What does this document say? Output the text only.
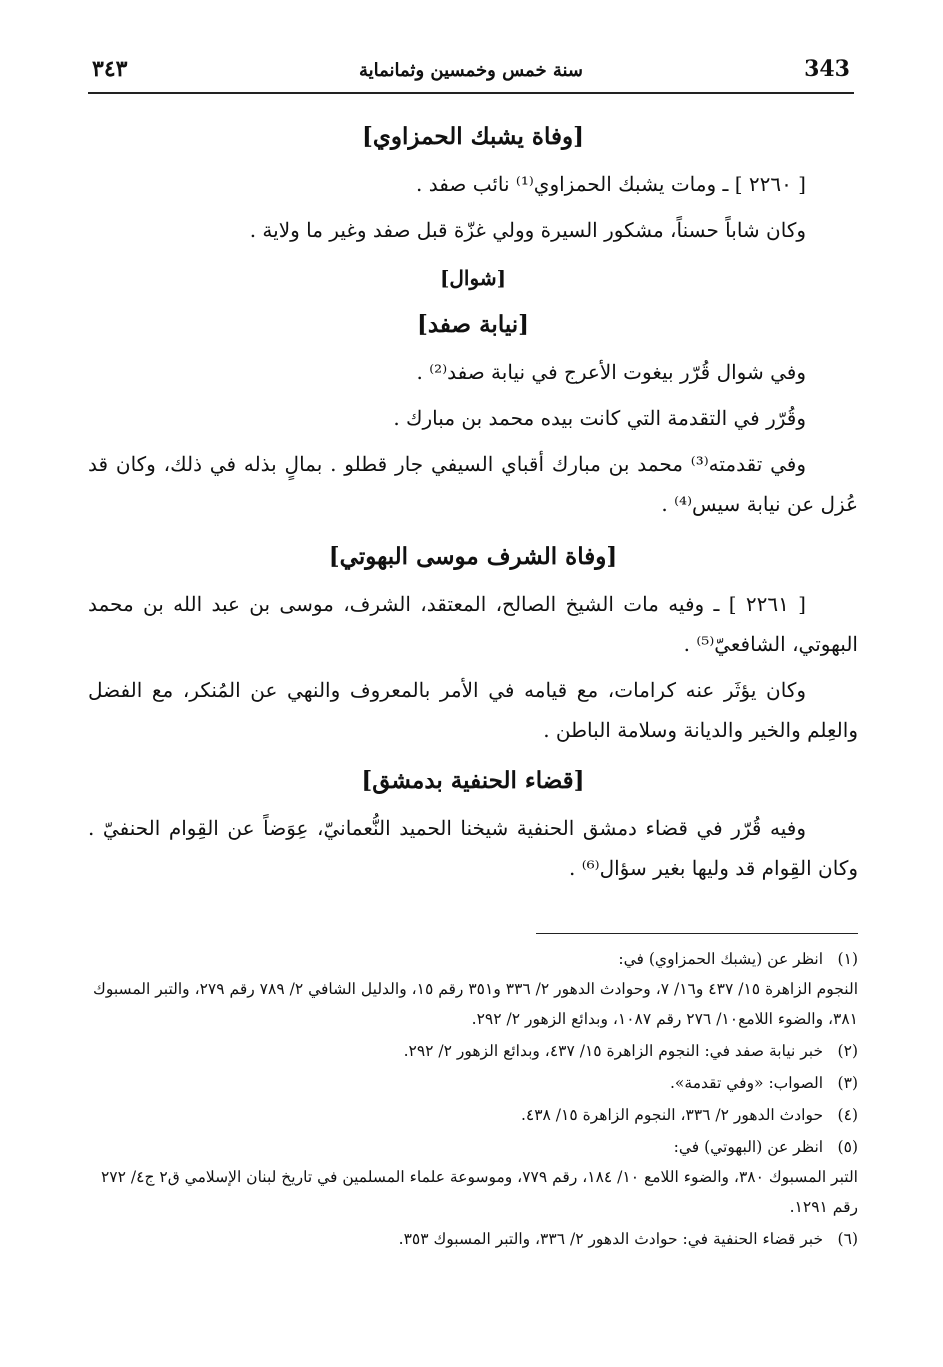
343
سنة خمس وخمسين وثمانماية
٣٤٣
[وفاة يشبك الحمزاوي]

[ ٢٢٦٠ ] ـ ومات يشبك الحمزاوي⁽¹⁾ نائب صفد .

وكان شاباً حسناً، مشكور السيرة وولي غزّة قبل صفد وغير ما ولاية .

[شوال]
[نيابة صفد]

وفي شوال قُرّر بيغوت الأعرج في نيابة صفد⁽²⁾ .

وقُرّر في التقدمة التي كانت بيده محمد بن مبارك .

وفي تقدمته⁽³⁾ محمد بن مبارك أقباي السيفي جار قطلو . بمالٍ بذله في ذلك، وكان قد عُزل عن نيابة سيس⁽⁴⁾ .

[وفاة الشرف موسى البهوتي]

[ ٢٢٦١ ] ـ وفيه مات الشيخ الصالح، المعتقد، الشرف، موسى بن عبد الله بن محمد البهوتي، الشافعيّ⁽⁵⁾ .

وكان يؤثَر عنه كرامات، مع قيامه في الأمر بالمعروف والنهي عن المُنكر، مع الفضل والعِلم والخير والديانة وسلامة الباطن .

[قضاء الحنفية بدمشق]

وفيه قُرّر في قضاء دمشق الحنفية شيخنا الحميد النُّعمانيّ، عِوَضاً عن القِوام الحنفيّ . وكان القِوام قد وليها بغير سؤال⁽⁶⁾ .

(١) انظر عن (يشبك الحمزاوي) في:
النجوم الزاهرة ١٥/ ٤٣٧ و١٦/ ٧، وحوادث الدهور ٢/ ٣٣٦ و٣٥١ رقم ١٥، والدليل الشافي ٢/ ٧٨٩ رقم ٢٧٩، والتبر المسبوك ٣٨١، والضوء اللامع١٠/ ٢٧٦ رقم ١٠٨٧، وبدائع الزهور ٢/ ٢٩٢.
(٢) خبر نيابة صفد في: النجوم الزاهرة ١٥/ ٤٣٧، وبدائع الزهور ٢/ ٢٩٢.
(٣) الصواب: «وفي تقدمة».
(٤) حوادث الدهور ٢/ ٣٣٦، النجوم الزاهرة ١٥/ ٤٣٨.
(٥) انظر عن (البهوتي) في:
التبر المسبوك ٣٨٠، والضوء اللامع ١٠/ ١٨٤، رقم ٧٧٩، وموسوعة علماء المسلمين في تاريخ لبنان الإسلامي ق٢ ج٤/ ٢٧٢ رقم ١٢٩١.
(٦) خبر قضاء الحنفية في: حوادث الدهور ٢/ ٣٣٦، والتبر المسبوك ٣٥٣.
